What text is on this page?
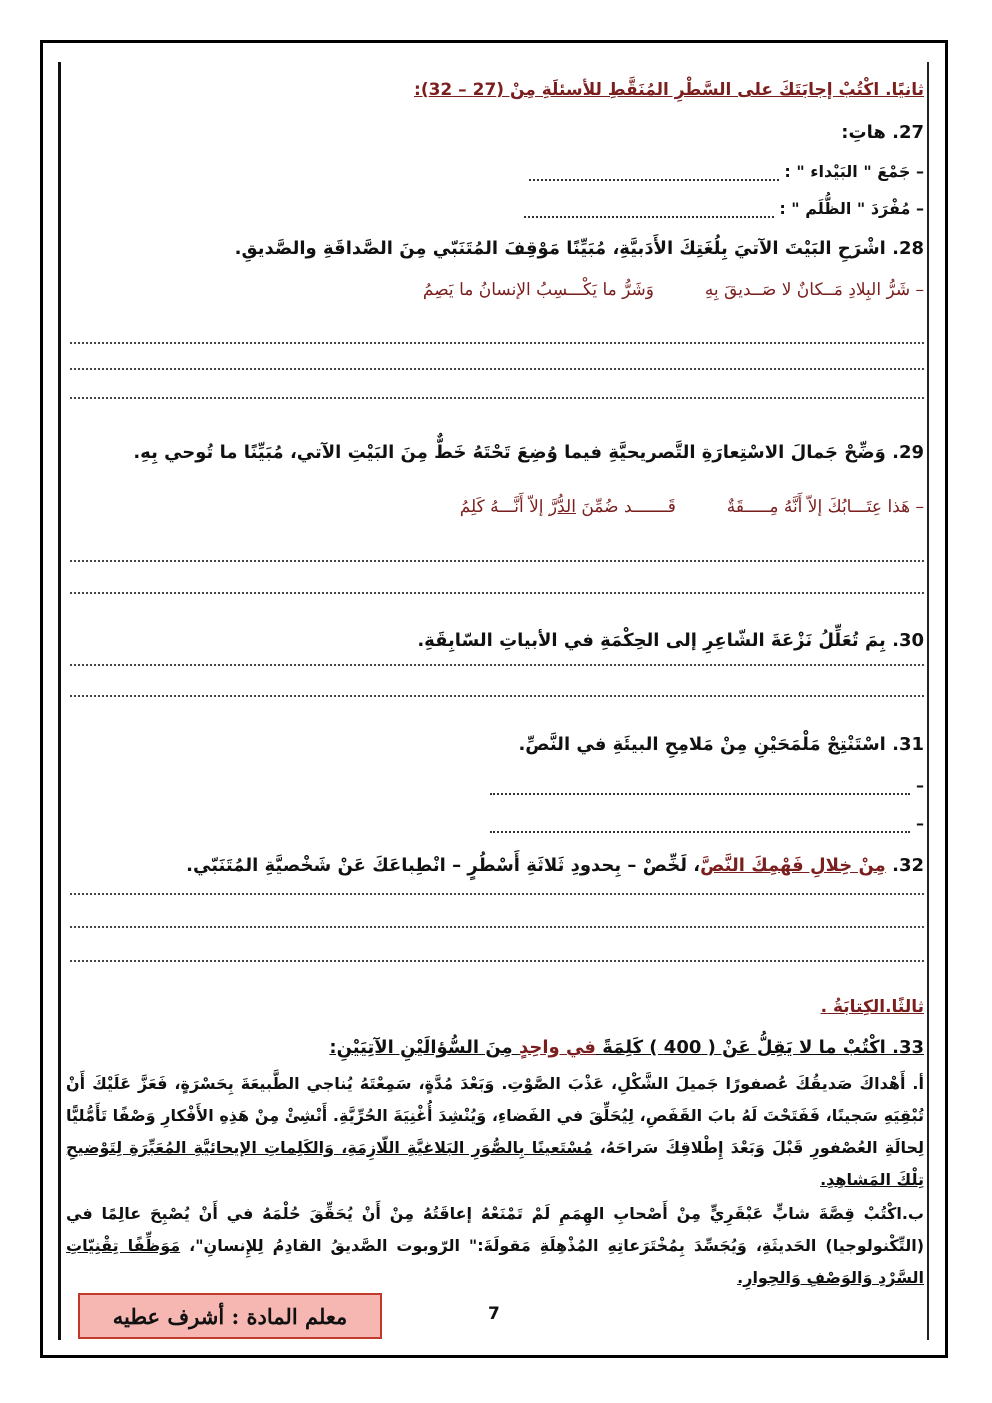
ثانيًا. اكْتُبْ إجابَتَكَ على السَّطْرِ المُنَقَّطِ للأسئلَةِ مِنْ (27 – 32):
27. هاتِ:
– جَمْعَ " البَيْداء " :
– مُفْرَدَ " الظُّلَم " :
28. اشْرَحِ البَيْتَ الآتيَ بِلُغَتِكَ الأَدَبيَّةِ، مُبَيِّنًا مَوْقِفَ المُتَنَبّي مِنَ الصَّداقَةِ والصَّديقِ.
– شَرُّ البِلادِ مَــكانٌ لا صَــديقَ بِهِ  وَشَرُّ ما يَكْـــسِبُ الإنسانُ ما يَصِمُ
29. وَضِّحْ جَمالَ الاسْتِعارَةِ التَّصريحيَّةِ فيما وُضِعَ تَحْتَهُ خَطٌّ مِنَ البَيْتِ الآتي، مُبَيِّنًا ما تُوحي بِهِ.
– هَذا عِتَـــابُكَ إلاّ أَنَّهُ مِـــــقَةٌ  قَـــــــد ضُمِّنَ الدُّرَّ إلاّ أَنَّـــهُ كَلِمُ
30. بِمَ تُعَلِّلُ نَزْعَةَ الشّاعِرِ إلى الحِكْمَةِ في الأبياتِ السّابِقَةِ.
31. اسْتَنْتِجْ مَلْمَحَيْنِ مِنْ مَلامِحِ البيئَةِ في النَّصِّ.
–
–
32. مِنْ خِلالِ فَهْمِكَ النَّصَّ، لَخِّصْ – بِحدودِ ثَلاثَةِ أَسْطُرٍ – انْطِباعَكَ عَنْ شَخْصيَّةِ المُتَنَبّي.
ثالثًا.الكِتابَةُ .
33. اكْتُبْ ما لا يَقِلُّ عَنْ ( 400 ) كَلِمَةً في واحِدٍ مِنَ السُّؤالَيْنِ الآتِيَيْنِ:
أ. أَهْداكَ صَديقُكَ عُصفورًا جَميلَ الشَّكْلِ، عَذْبَ الصَّوْتِ. وَبَعْدَ مُدَّةٍ، سَمِعْتَهُ يُناجي الطَّبيعَةَ بِحَسْرَةٍ، فَعَزَّ عَلَيْكَ أَنْ تُبْقِيَهِ سَجينًا، فَفَتَحْتَ لَهُ بابَ القَفَصِ، لِيُحَلِّقَ في الفَضاءِ، وَيُنْشِدَ أُغْنِيَةَ الحُرِّيَّةِ. أَنْشِئْ مِنْ هَذِهِ الأَفْكارِ وَصْفًا تَأَمُّليًّا لِحالَةِ العُصْفورِ قَبْلَ وَبَعْدَ إِطْلاقِكَ سَراحَهُ، مُسْتَعينًا بِالصُّوَرِ البَلاغيَّةِ اللّازِمَةِ، وَالكَلِماتِ الإيحائيَّةِ المُعَبِّرَةِ لِتَوْضيحِ تِلْكَ المَشاهِدِ.
ب.اكْتُبْ قِصَّةَ شابٍّ عَبْقَرِيٍّ مِنْ أَصْحابِ الهِمَمِ لَمْ تَمْنَعْهُ إعاقَتُهُ مِنْ أَنْ يُحَقِّقَ حُلْمَهُ في أَنْ يُصْبِحَ عالِمًا في (التِّكْنولوجيا) الحَديثَةِ، وَيُجَسِّدَ بِمُخْتَرَعاتِهِ المُذْهِلَةِ مَقولَةَ:" الرّوبوت الصَّديقُ القادِمُ لِلإِنسانِ"، مَوَظِّفًا تِقْنِيّاتِ السَّرْدِ وَالوَصْفِ وَالحِوارِ.
معلم المادة : أشرف عطيه	7
